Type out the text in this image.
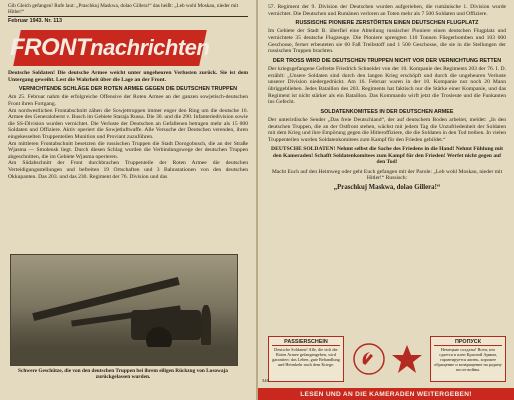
Gib Gleich gefangen! Rufe laut: „Praschkuj Maskwa, dolao Gillera!“ das heißt: „Leb wohl Moskau, nieder mit Hitler!“
Februar 1943. Nr. 113
FRONTnachrichten

Deutsche Soldaten! Die deutsche Armee weicht unter ungeheuren Verlusten zurück. Sie ist dem Untergang geweiht. Lest die Wahrheit über die Lage an der Front.

VERNICHTENDE SCHLÄGE DER ROTEN ARMEE GEGEN DIE DEUTSCHEN TRUPPEN

Am 25. Februar nahm die erfolgreiche Offensive der Roten Armee an der ganzen sowjetisch-deutschen Front ihren Fortgang.

Am nordwestlichen Frontabschnitt zähen die Sowjettruppen immer enger den Ring um die deutsche 16. Armee des Generaloberst v. Busch im Gebiete Staraja Russa. Die 30. und die 290. Infanteriedivision sowie die SS-Division wurden vernichtet. Die Verluste der Deutschen an Gefallenen betragen mehr als 15 000 Soldaten und Offiziere. Aktiv operiert die Sowjetluftwaffe. Alle Versuche der Deutschen verenden, ihren eingekesselten Truppenteilen Munition und Proviant zuzuführen.

Am mittleren Frontabschnitt besetzten die russischen Truppen die Stadt Dorogobusch, die an der Straße Wjasma — Smolensk liegt. Durch diesen Schlag wurden die Verbindungswege der deutschen Truppen abgeschnitten, die im Gebiete Wjasma operieren.

Am Südabschnitt der Front durchbrachen Truppenteile der Roten Armee die deutschen Verteidigungsstellungen und befreiten 19 Ortschaften und 3 Bahnstationen von den deutschen Okkupanten. Das 203. und das 230. Regiment der 76. Division und das

Schwere Geschütze, die von den deutschen Truppen bei ihrem eiligen Rückzug von Losowaja zurückgelassen wurden.

57. Regiment der 9. Division der Deutschen wurden aufgerieben, die rumänische 1. Division wurde vernichtet. Die Deutschen und Rumänen verloren an Toten mehr als 7 500 Soldaten und Offiziere.

RUSSISCHE PIONIERE ZERSTÖRTEN EINEN DEUTSCHEN FLUGPLATZ

Im Gebiete der Stadt B. überfiel eine Abteilung russischer Pioniere einen deutschen Flugplatz und vernichtete 35 deutsche Flugzeuge. Die Pioniere sprengten 110 Tonnen Fliegerbomben und 103 000 Geschosse, ferner erbeuteten sie 60 Faß Treibstoff und 1 500 Geschosse, die sie in die Stellungen der russischen Truppen brachten.

DER TROSS WIRD DIE DEUTSCHEN TRUPPEN NICHT VOR DER VERNICHTUNG RETTEN

Der kriegsgefangene Gefreite Friedrich Schneider von der 10. Kompanie des Regiments 203 der 76. I. D. erzählt: „Unsere Soldaten sind durch den langen Krieg erschöpft und durch die ungeheuren Verluste unserer Division niedergedrückt. Am 16. Februar waren in der 10. Kompanie nur noch 20 Mann übriggeblieben. Jedes Bataillon des 203. Regiments hat faktisch nur die Stärke einer Kompanie, und das Regiment ist nicht stärker als ein Bataillon. Das Kommando wirft jetzt die Trosleute und die Funkanten ins Gefecht.

SOLDATENKOMITEES IN DER DEUTSCHEN ARMEE

Der unterirdische Sender „Das freie Deutschland“, der auf deutschem Boden arbeitet, meldet: „In den deutschen Truppen, die an der Ostfront stehen, wächst mit jedem Tag die Unzufriedenheit der Soldaten mit dem Krieg und ihre Empörung gegen die Hitleroffiziere, die die Soldaten in den Tod treiben. In vielen Truppenteilen wurden Soldatenkomitees zum Kampf für den Frieden gebildet.“

DEUTSCHE SOLDATEN! Nehmt selbst die Sache des Friedens in die Hand! Nehmt Fühlung mit den Kameraden! Schafft Soldatenkomitees zum Kampf für den Frieden! Werfet nicht gegen auf den Tod!

Macht Euch auf den Heimweg oder geht Euch gefangen mit der Parole: „Leb wohl Moskau, nieder mit Hitler!“ Russisch:

„Praschkuj Maskwa, dolao Gillera!“

PASSIERSCHEIN
Deutsche Soldaten! Alle, die sich der Roten Armee gefangengeben, wird garantiert: das Leben, gute Behandlung und Heimkehr nach dem Kriege.
ПРОПУСК
Немецкие солдаты! Всем, кто сдается в плен Красной Армии, гарантируется жизнь, хорошее обращение и возвращение на родину после войны.
346
LESEN UND AN DIE KAMERADEN WEITERGEBEN!
